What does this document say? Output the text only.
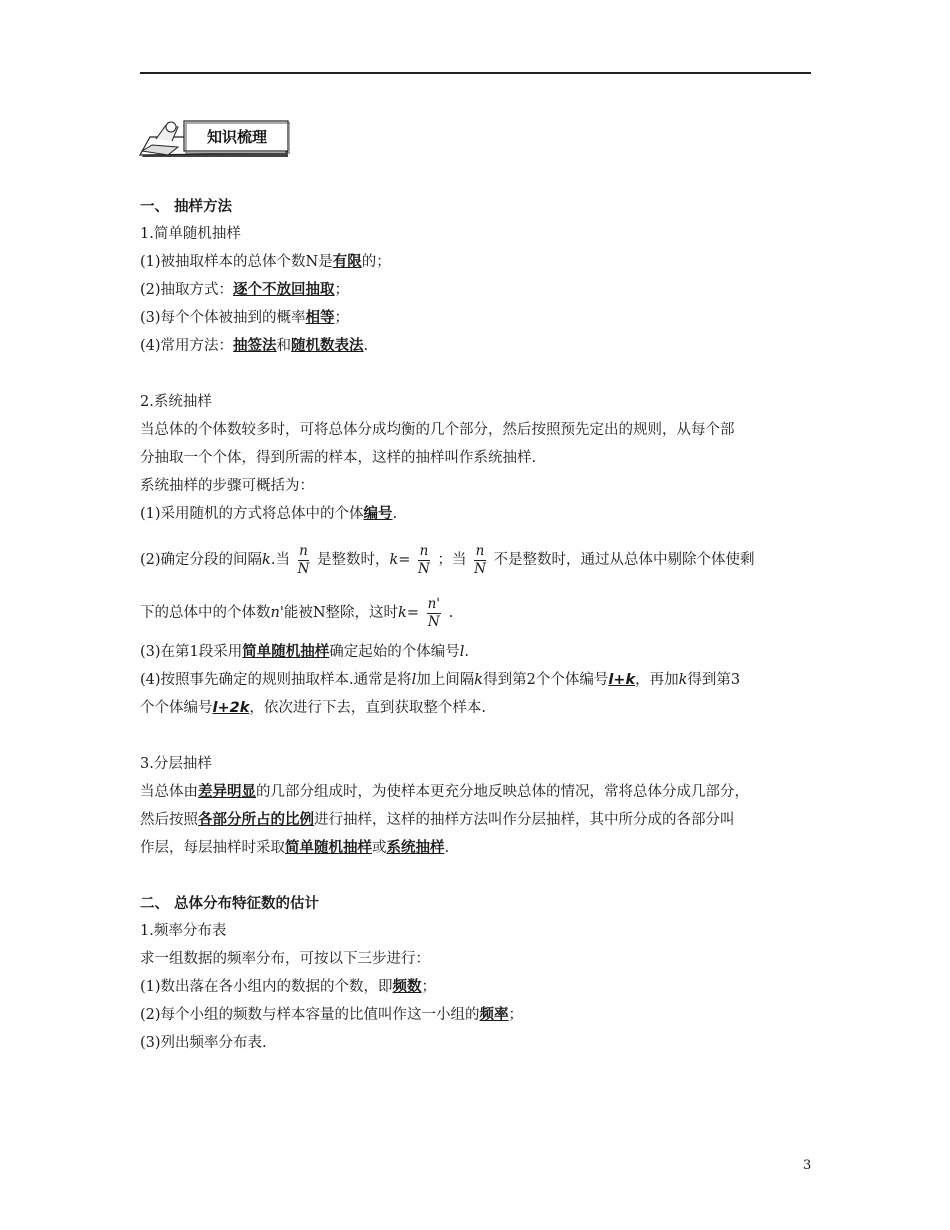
知识梳理
一、 抽样方法
1.简单随机抽样
(1)被抽取样本的总体个数N是有限的；
(2)抽取方式：逐个不放回抽取；
(3)每个个体被抽到的概率相等；
(4)常用方法：抽签法和随机数表法.
2.系统抽样
当总体的个体数较多时，可将总体分成均衡的几个部分，然后按照预先定出的规则，从每个部
分抽取一个个体，得到所需的样本，这样的抽样叫作系统抽样.
系统抽样的步骤可概括为：
(1)采用随机的方式将总体中的个体编号.
(2)确定分段的间隔k.当 $\frac{n}{N}$ 是整数时，$k= \frac{n}{N}$ ；当 $\frac{n}{N}$ 不是整数时，通过从总体中剔除个体使剩
下的总体中的个体数n'能被N整除，这时$k= \frac{n'}{N}$ .
(3)在第1段采用简单随机抽样确定起始的个体编号l.
(4)按照事先确定的规则抽取样本.通常是将l加上间隔k得到第2个个体编号l+k，再加k得到第3
个个体编号l+2k，依次进行下去，直到获取整个样本.
3.分层抽样
当总体由差异明显的几部分组成时，为使样本更充分地反映总体的情况，常将总体分成几部分，
然后按照各部分所占的比例进行抽样，这样的抽样方法叫作分层抽样，其中所分成的各部分叫
作层，每层抽样时采取简单随机抽样或系统抽样.
二、 总体分布特征数的估计
1.频率分布表
求一组数据的频率分布，可按以下三步进行：
(1)数出落在各小组内的数据的个数，即频数；
(2)每个小组的频数与样本容量的比值叫作这一小组的频率；
(3)列出频率分布表.
3
